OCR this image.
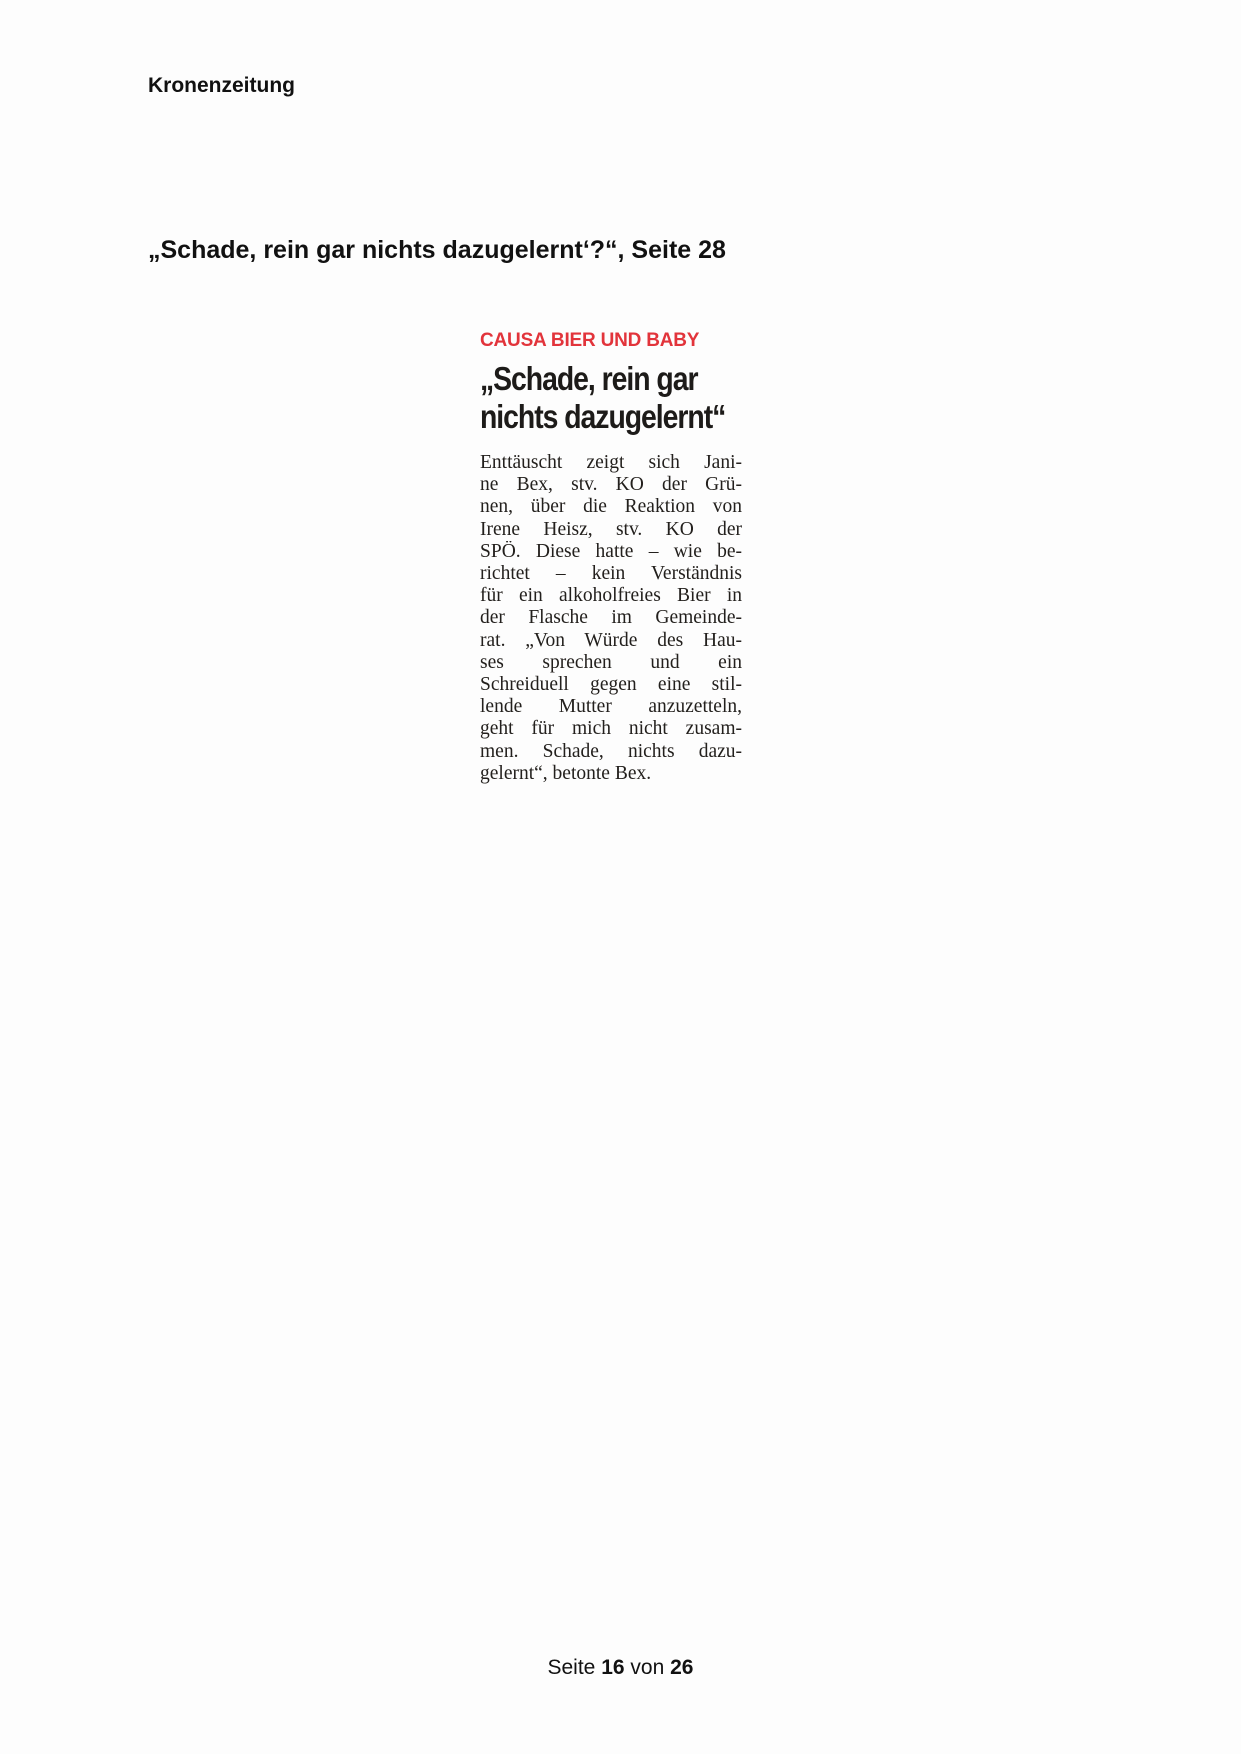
Kronenzeitung

„Schade, rein gar nichts dazugelernt‘?“, Seite 28

CAUSA BIER UND BABY

„Schade, rein gar
nichts dazugelernt“

Enttäuscht zeigt sich Jani-
ne Bex, stv. KO der Grü-
nen, über die Reaktion von
Irene Heisz, stv. KO der
SPÖ. Diese hatte – wie be-
richtet – kein Verständnis
für ein alkoholfreies Bier in
der Flasche im Gemeinde-
rat. „Von Würde des Hau-
ses sprechen und ein
Schreiduell gegen eine stil-
lende Mutter anzuzetteln,
geht für mich nicht zusam-
men. Schade, nichts dazu-
gelernt“, betonte Bex.

Seite 16 von 26
